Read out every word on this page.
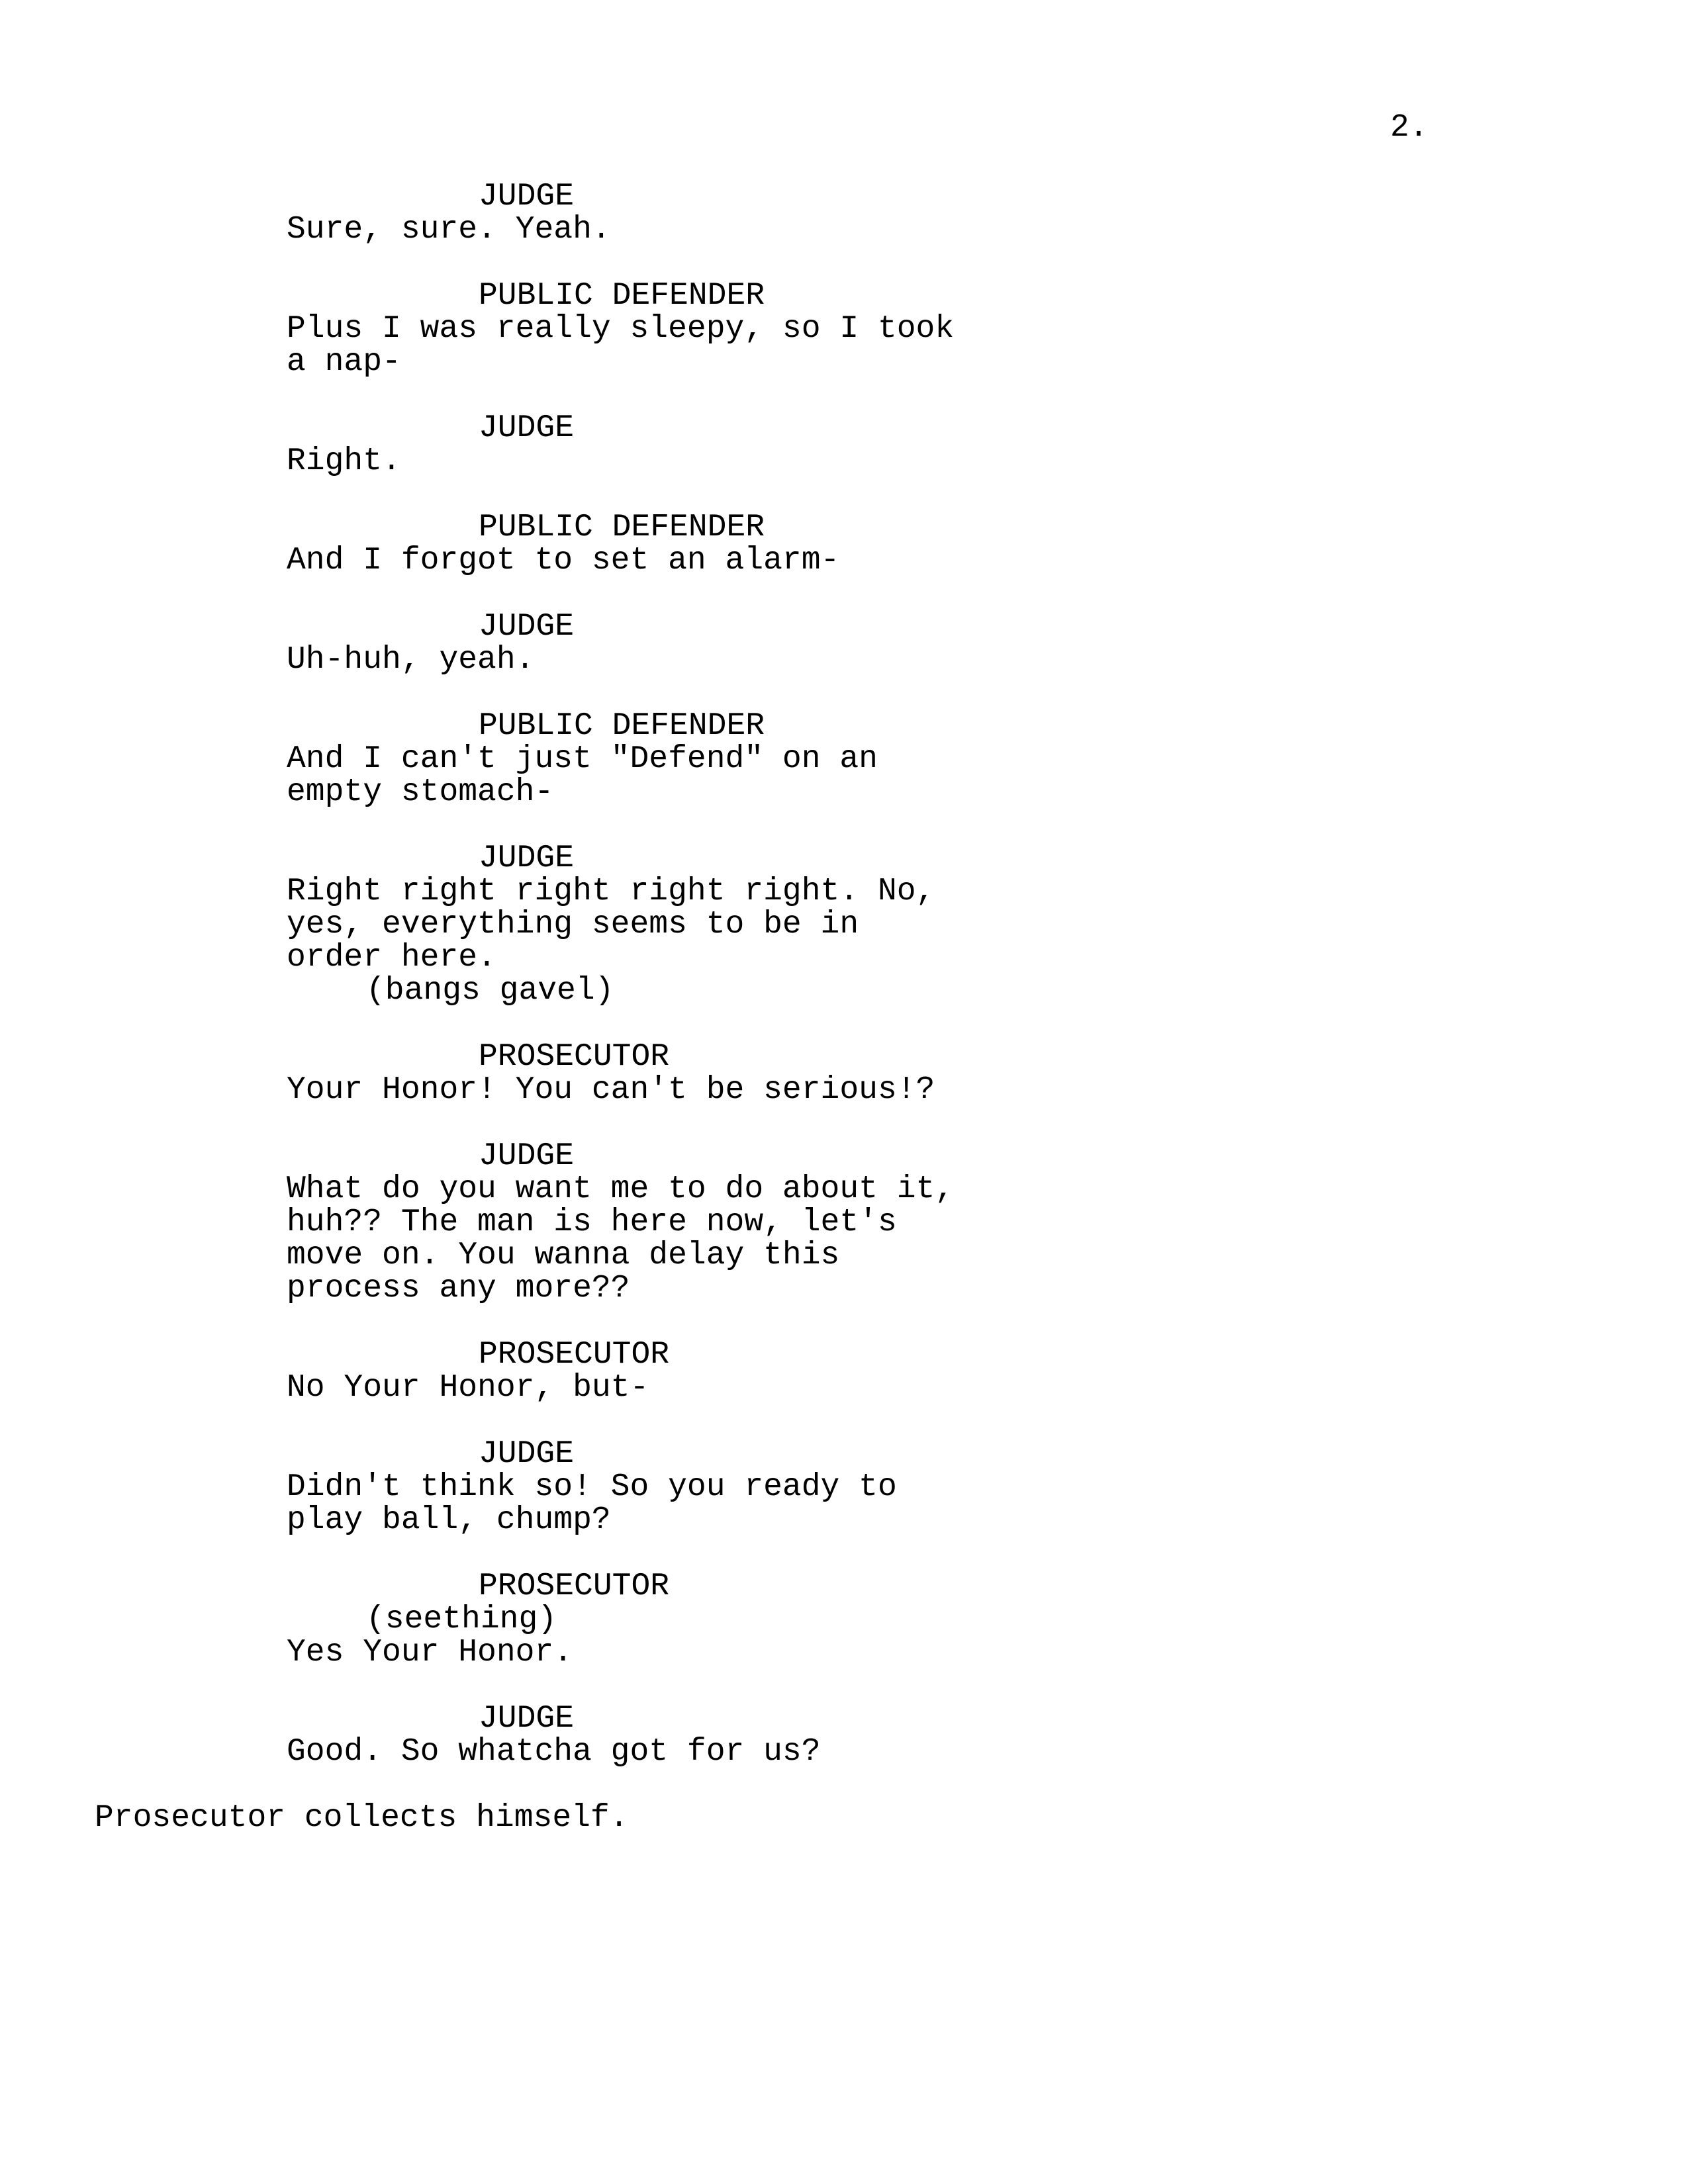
2.

JUDGE

Sure, sure. Yeah.

PUBLIC DEFENDER

Plus I was really sleepy, so I took

a nap-

JUDGE

Right.

PUBLIC DEFENDER

And I forgot to set an alarm-

JUDGE

Uh-huh, yeah.

PUBLIC DEFENDER

And I can't just "Defend" on an

empty stomach-

JUDGE

Right right right right right. No,

yes, everything seems to be in

order here.

(bangs gavel)

PROSECUTOR

Your Honor! You can't be serious!?

JUDGE

What do you want me to do about it,

huh?? The man is here now, let's

move on. You wanna delay this

process any more??

PROSECUTOR

No Your Honor, but-

JUDGE

Didn't think so! So you ready to

play ball, chump?

PROSECUTOR

(seething)

Yes Your Honor.

JUDGE

Good. So whatcha got for us?

Prosecutor collects himself.
